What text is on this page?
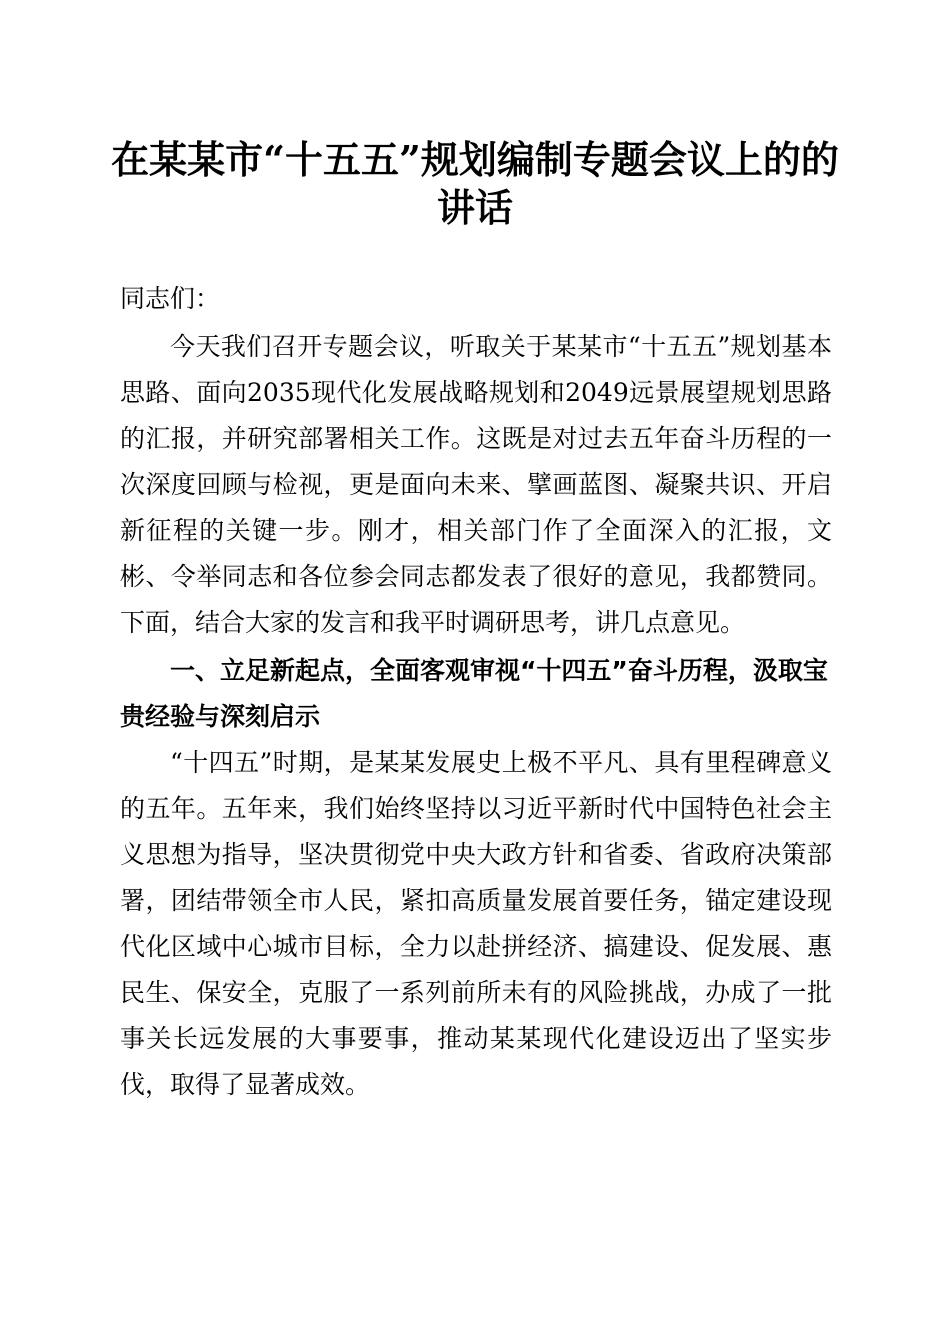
在某某市“十五五”规划编制专题会议上的的
讲话

同志们：

今天我们召开专题会议，听取关于某某市“十五五”规划基本思路、面向2035现代化发展战略规划和2049远景展望规划思路的汇报，并研究部署相关工作。这既是对过去五年奋斗历程的一次深度回顾与检视，更是面向未来、擘画蓝图、凝聚共识、开启新征程的关键一步。刚才，相关部门作了全面深入的汇报，文彬、令举同志和各位参会同志都发表了很好的意见，我都赞同。下面，结合大家的发言和我平时调研思考，讲几点意见。

一、立足新起点，全面客观审视“十四五”奋斗历程，汲取宝贵经验与深刻启示

“十四五”时期，是某某发展史上极不平凡、具有里程碑意义的五年。五年来，我们始终坚持以习近平新时代中国特色社会主义思想为指导，坚决贯彻党中央大政方针和省委、省政府决策部署，团结带领全市人民，紧扣高质量发展首要任务，锚定建设现代化区域中心城市目标，全力以赴拼经济、搞建设、促发展、惠民生、保安全，克服了一系列前所未有的风险挑战，办成了一批事关长远发展的大事要事，推动某某现代化建设迈出了坚实步伐，取得了显著成效。
